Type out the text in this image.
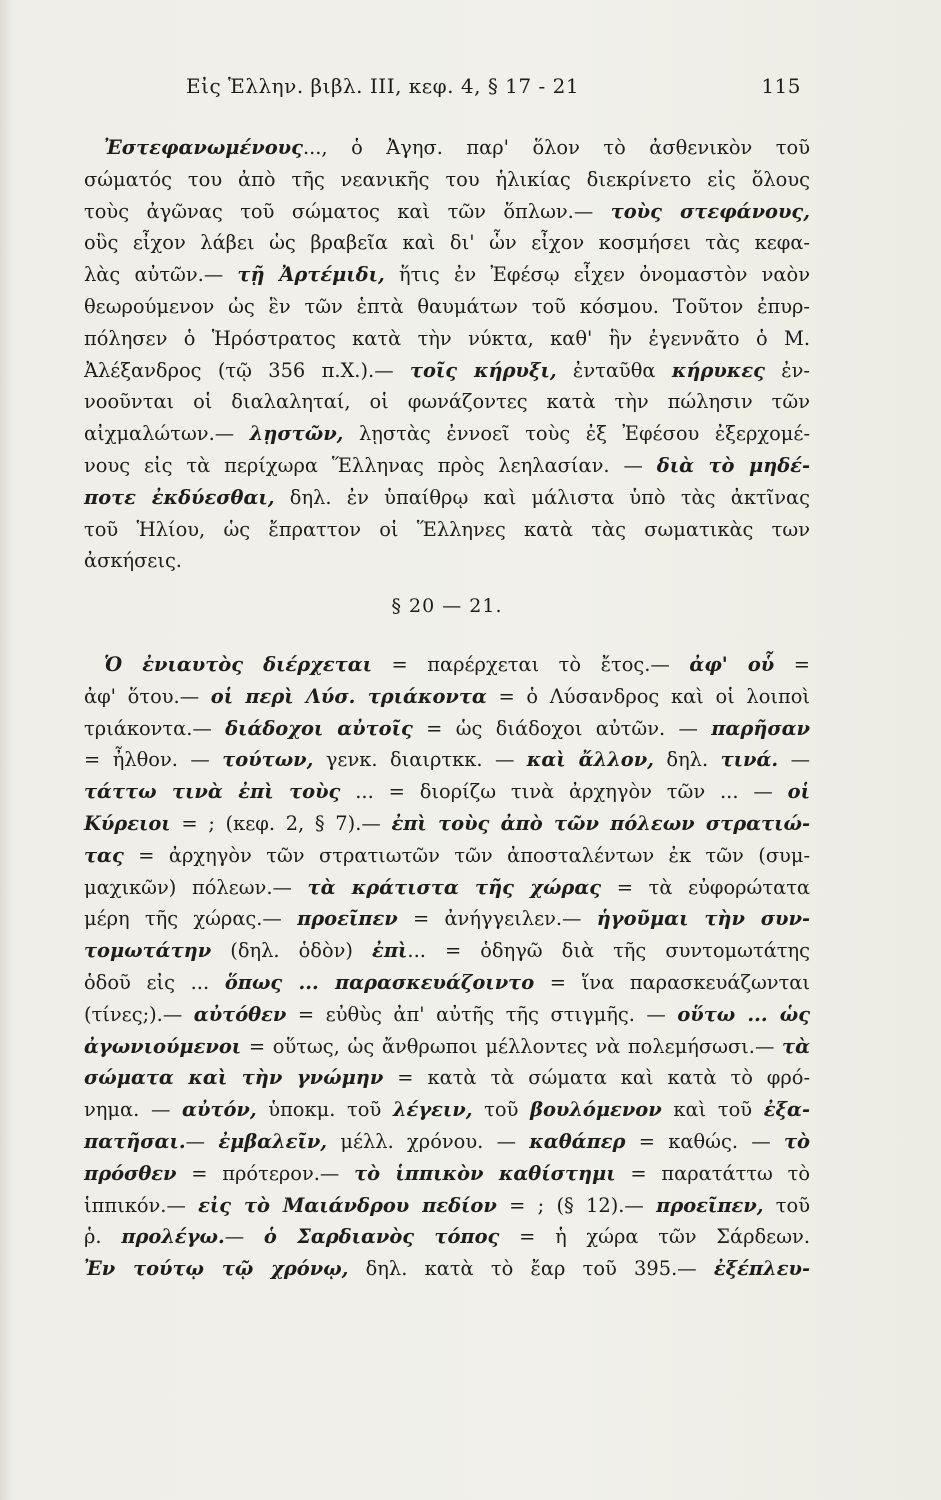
Εἰς Ἑλλην. βιβλ. III, κεφ. 4, § 17 - 21	115
Ἐστεφανωμένους..., ὁ Ἀγησ. παρ' ὅλον τὸ ἀσθενικὸν τοῦ
σώματός του ἀπὸ τῆς νεανικῆς του ἡλικίας διεκρίνετο εἰς ὅλους
τοὺς ἀγῶνας τοῦ σώματος καὶ τῶν ὅπλων.— τοὺς στεφάνους,
οὓς εἶχον λάβει ὡς βραβεῖα καὶ δι' ὧν εἶχον κοσμήσει τὰς κεφα-
λὰς αὐτῶν.— τῇ Ἀρτέμιδι, ἥτις ἐν Ἐφέσῳ εἶχεν ὀνομαστὸν ναὸν
θεωρούμενον ὡς ἓν τῶν ἑπτὰ θαυμάτων τοῦ κόσμου. Τοῦτον ἐπυρ-
πόλησεν ὁ Ἡρόστρατος κατὰ τὴν νύκτα, καθ' ἣν ἐγεννᾶτο ὁ Μ.
Ἀλέξανδρος (τῷ 356 π.Χ.).— τοῖς κήρυξι, ἐνταῦθα κήρυκες ἐν-
νοοῦνται οἱ διαλαληταί, οἱ φωνάζοντες κατὰ τὴν πώλησιν τῶν
αἰχμαλώτων.— λῃστῶν, λῃστὰς ἐννοεῖ τοὺς ἐξ Ἐφέσου ἐξερχομέ-
νους εἰς τὰ περίχωρα Ἕλληνας πρὸς λεηλασίαν. — διὰ τὸ μηδέ-
ποτε ἐκδύεσθαι, δηλ. ἐν ὑπαίθρῳ καὶ μάλιστα ὑπὸ τὰς ἀκτῖνας
τοῦ Ἡλίου, ὡς ἔπραττον οἱ Ἕλληνες κατὰ τὰς σωματικὰς των
ἀσκήσεις.
§ 20 — 21.
Ὁ ἐνιαυτὸς διέρχεται = παρέρχεται τὸ ἔτος.— ἀφ' οὗ =
ἀφ' ὅτου.— οἱ περὶ Λύσ. τριάκοντα = ὁ Λύσανδρος καὶ οἱ λοιποὶ
τριάκοντα.— διάδοχοι αὐτοῖς = ὡς διάδοχοι αὐτῶν. — παρῆσαν
= ἦλθον. — τούτων, γενκ. διαιρτκκ. — καὶ ἄλλον, δηλ. τινά. —
τάττω τινὰ ἐπὶ τοὺς ... = διορίζω τινὰ ἀρχηγὸν τῶν ... — οἱ
Κύρειοι = ; (κεφ. 2, § 7).— ἐπὶ τοὺς ἀπὸ τῶν πόλεων στρατιώ-
τας = ἀρχηγὸν τῶν στρατιωτῶν τῶν ἀποσταλέντων ἐκ τῶν (συμ-
μαχικῶν) πόλεων.— τὰ κράτιστα τῆς χώρας = τὰ εὐφορώτατα
μέρη τῆς χώρας.— προεῖπεν = ἀνήγγειλεν.— ἡγοῦμαι τὴν συν-
τομωτάτην (δηλ. ὁδὸν) ἐπὶ... = ὁδηγῶ διὰ τῆς συντομωτάτης
ὁδοῦ εἰς ... ὅπως ... παρασκευάζοιντο = ἵνα παρασκευάζωνται
(τίνες;).— αὐτόθεν = εὐθὺς ἀπ' αὐτῆς τῆς στιγμῆς. — οὕτω ... ὡς
ἀγωνιούμενοι = οὕτως, ὡς ἄνθρωποι μέλλοντες νὰ πολεμήσωσι.— τὰ
σώματα καὶ τὴν γνώμην = κατὰ τὰ σώματα καὶ κατὰ τὸ φρό-
νημα. — αὐτόν, ὑποκμ. τοῦ λέγειν, τοῦ βουλόμενον καὶ τοῦ ἐξα-
πατῆσαι.— ἐμβαλεῖν, μέλλ. χρόνου. — καθάπερ = καθώς. — τὸ
πρόσθεν = πρότερον.— τὸ ἱππικὸν καθίστημι = παρατάττω τὸ
ἱππικόν.— εἰς τὸ Μαιάνδρου πεδίον = ; (§ 12).— προεῖπεν, τοῦ
ῥ. προλέγω.— ὁ Σαρδιανὸς τόπος = ἡ χώρα τῶν Σάρδεων.
Ἐν τούτῳ τῷ χρόνῳ, δηλ. κατὰ τὸ ἔαρ τοῦ 395.— ἐξέπλευ-
